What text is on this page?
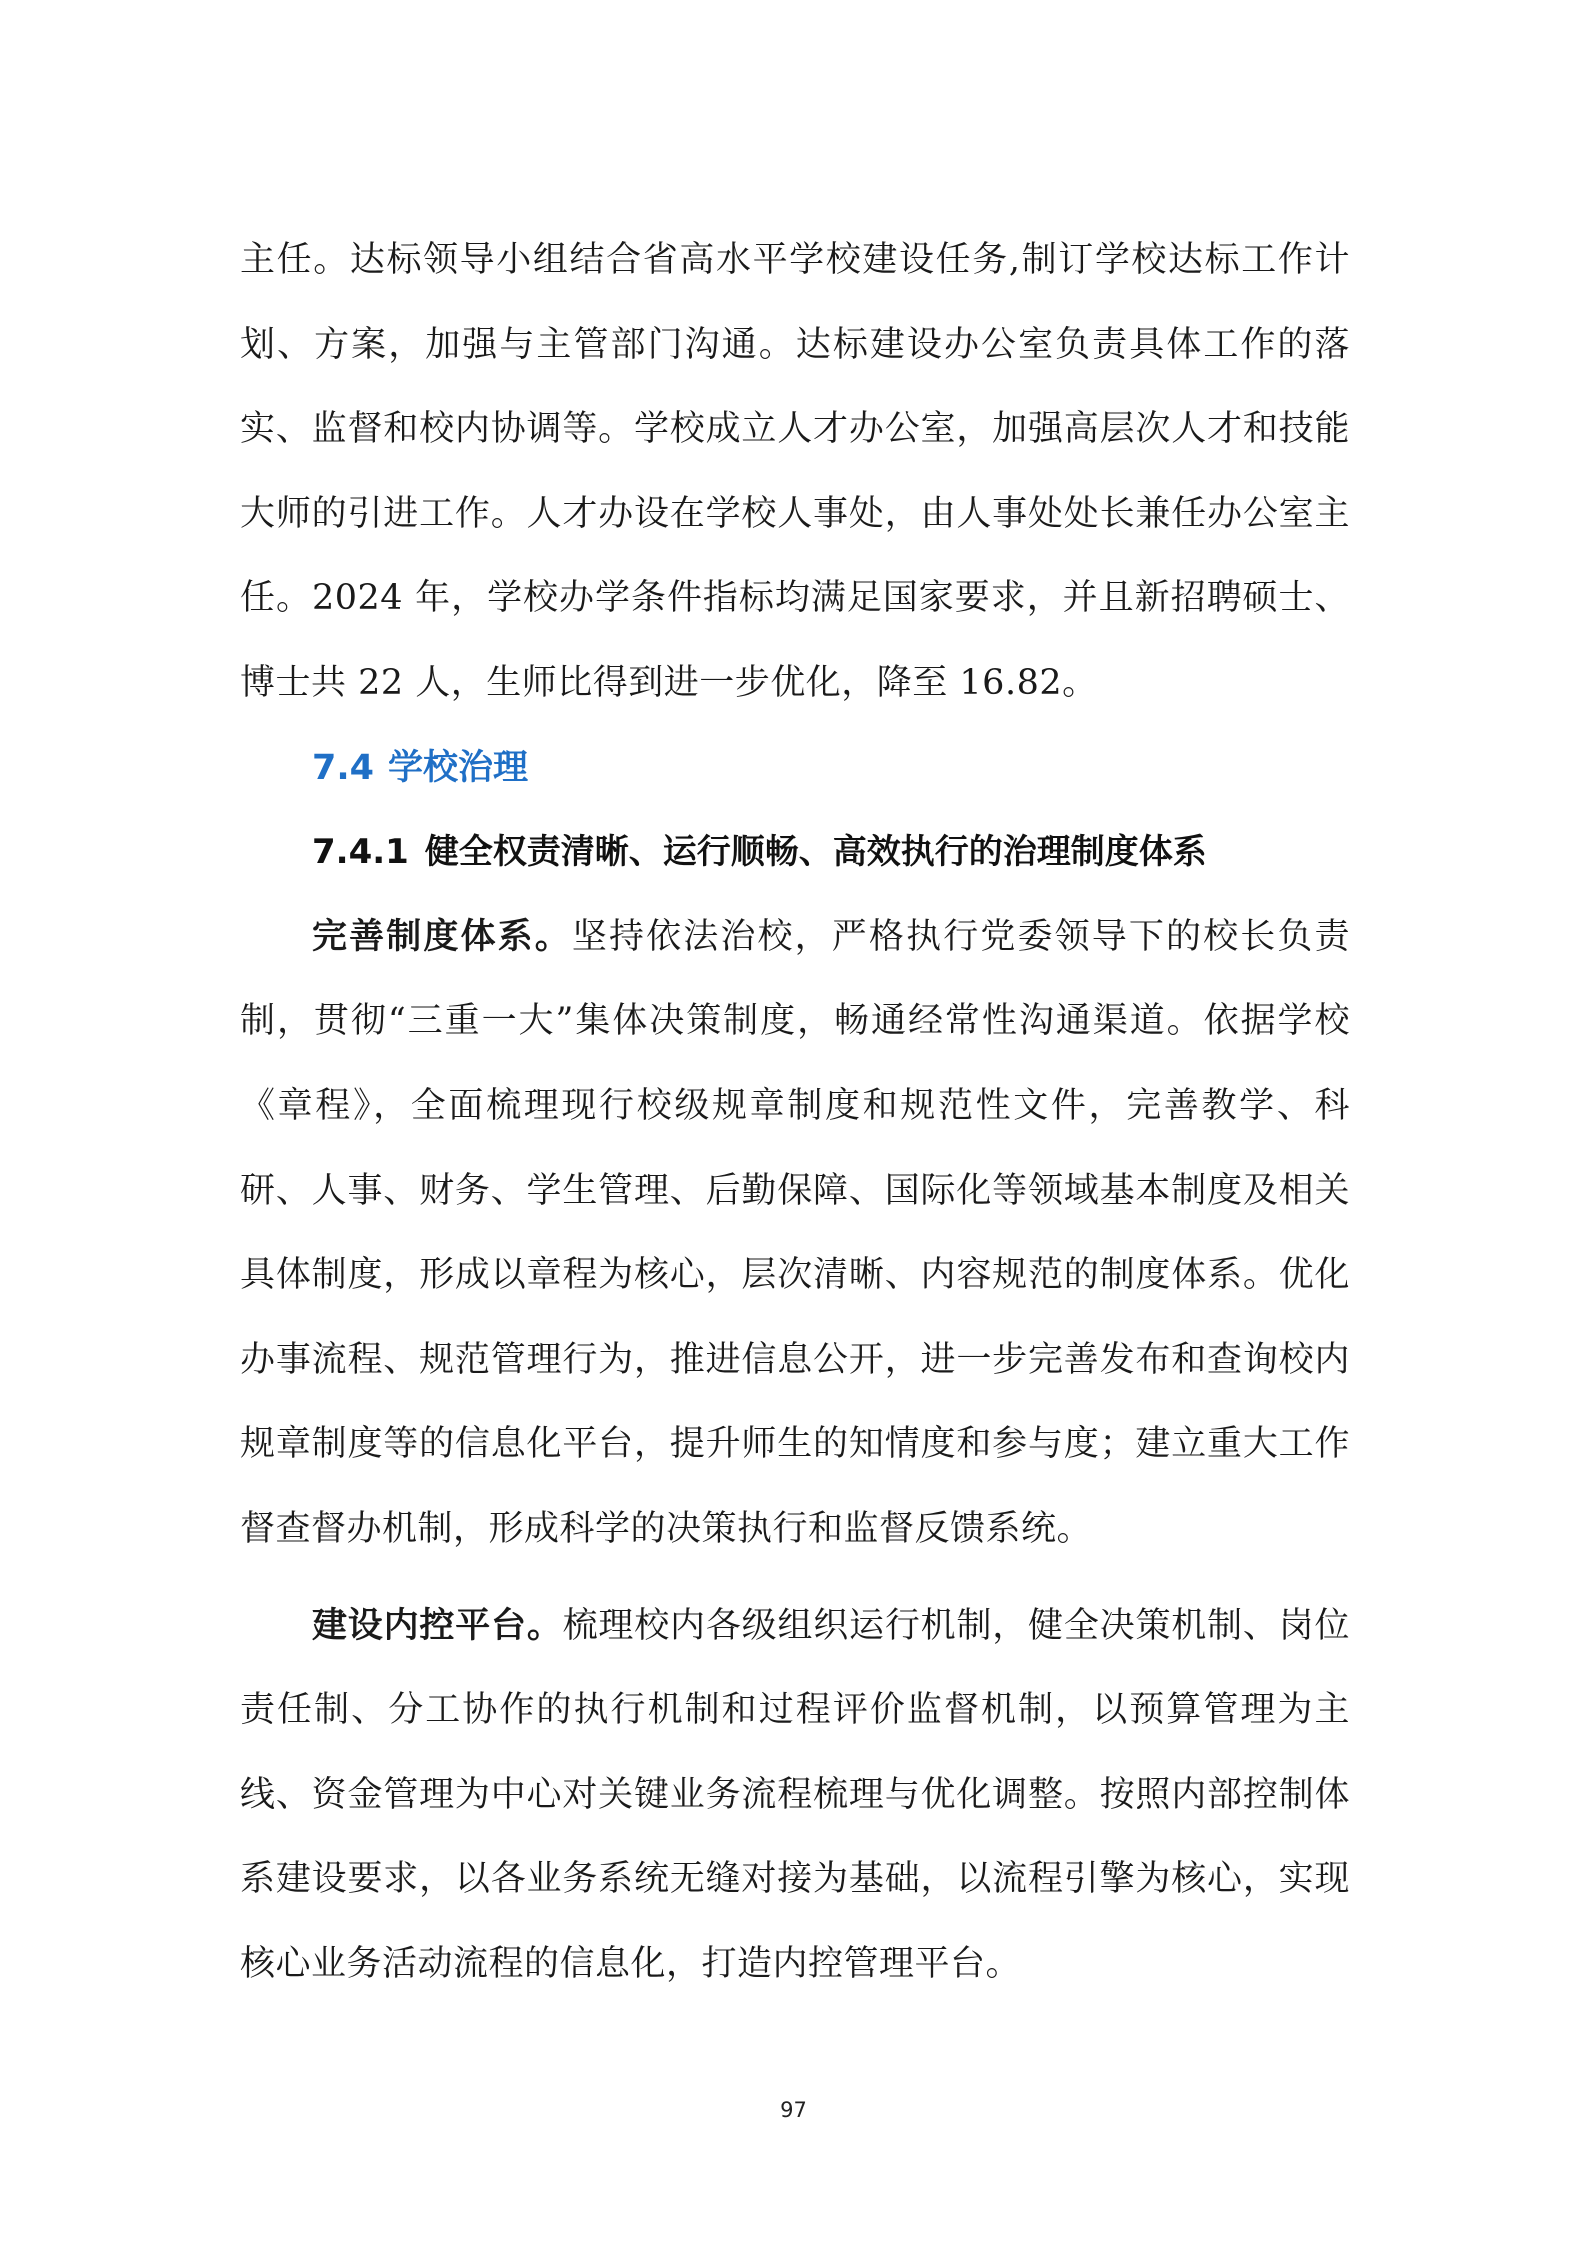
主任。达标领导小组结合省高水平学校建设任务,制订学校达标工作计划、方案，加强与主管部门沟通。达标建设办公室负责具体工作的落实、监督和校内协调等。学校成立人才办公室，加强高层次人才和技能大师的引进工作。人才办设在学校人事处，由人事处处长兼任办公室主任。2024 年，学校办学条件指标均满足国家要求，并且新招聘硕士、博士共 22 人，生师比得到进一步优化，降至 16.82。

7.4 学校治理
7.4.1 健全权责清晰、运行顺畅、高效执行的治理制度体系

完善制度体系。坚持依法治校，严格执行党委领导下的校长负责制，贯彻“三重一大”集体决策制度，畅通经常性沟通渠道。依据学校《章程》，全面梳理现行校级规章制度和规范性文件，完善教学、科研、人事、财务、学生管理、后勤保障、国际化等领域基本制度及相关具体制度，形成以章程为核心，层次清晰、内容规范的制度体系。优化办事流程、规范管理行为，推进信息公开，进一步完善发布和查询校内规章制度等的信息化平台，提升师生的知情度和参与度；建立重大工作督查督办机制，形成科学的决策执行和监督反馈系统。

建设内控平台。梳理校内各级组织运行机制，健全决策机制、岗位责任制、分工协作的执行机制和过程评价监督机制，以预算管理为主线、资金管理为中心对关键业务流程梳理与优化调整。按照内部控制体系建设要求，以各业务系统无缝对接为基础，以流程引擎为核心，实现核心业务活动流程的信息化，打造内控管理平台。

97
